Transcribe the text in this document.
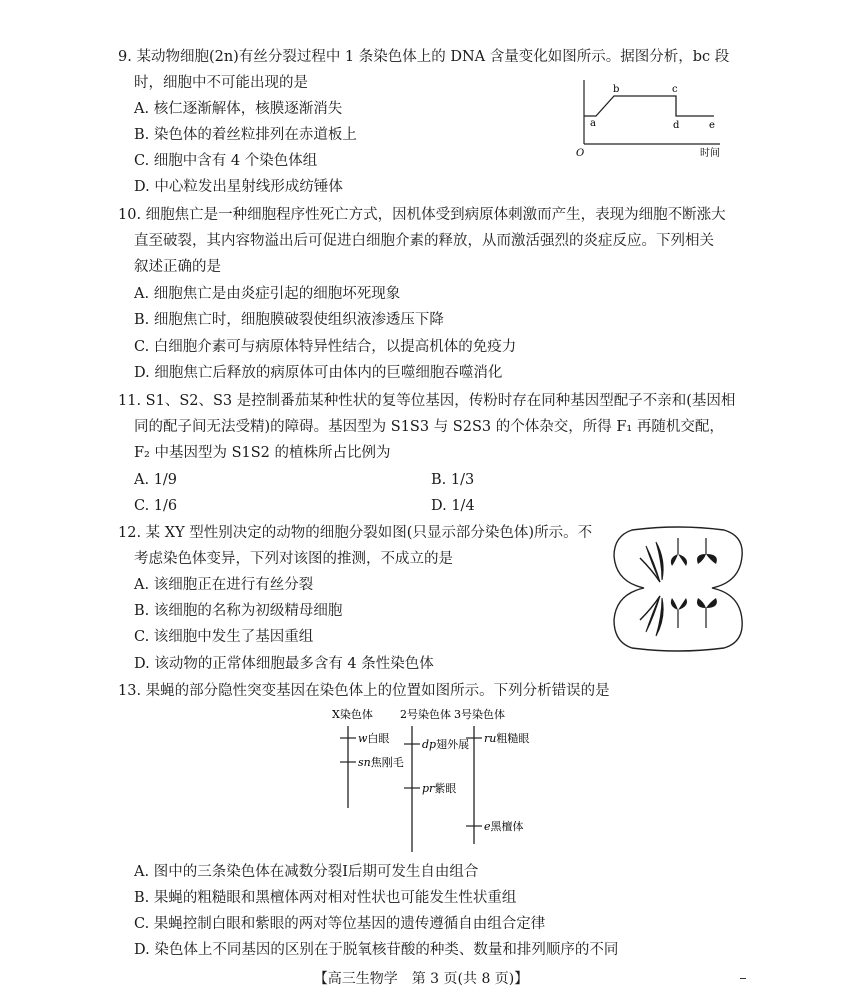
9. 某动物细胞(2n)有丝分裂过程中 1 条染色体上的 DNA 含量变化如图所示。据图分析，bc 段
时，细胞中不可能出现的是
A. 核仁逐渐解体，核膜逐渐消失
B. 染色体的着丝粒排列在赤道板上
C. 细胞中含有 4 个染色体组
D. 中心粒发出星射线形成纺锤体
a
b	c
d	e
O	时间
10. 细胞焦亡是一种细胞程序性死亡方式，因机体受到病原体刺激而产生，表现为细胞不断涨大
直至破裂，其内容物溢出后可促进白细胞介素的释放，从而激活强烈的炎症反应。下列相关
叙述正确的是
A. 细胞焦亡是由炎症引起的细胞坏死现象
B. 细胞焦亡时，细胞膜破裂使组织液渗透压下降
C. 白细胞介素可与病原体特异性结合，以提高机体的免疫力
D. 细胞焦亡后释放的病原体可由体内的巨噬细胞吞噬消化
11. S1、S2、S3 是控制番茄某种性状的复等位基因，传粉时存在同种基因型配子不亲和(基因相
同的配子间无法受精)的障碍。基因型为 S1S3 与 S2S3 的个体杂交，所得 F₁ 再随机交配，
F₂ 中基因型为 S1S2 的植株所占比例为
A. 1/9	B. 1/3
C. 1/6	D. 1/4
12. 某 XY 型性别决定的动物的细胞分裂如图(只显示部分染色体)所示。不
考虑染色体变异，下列对该图的推测，不成立的是
A. 该细胞正在进行有丝分裂
B. 该细胞的名称为初级精母细胞
C. 该细胞中发生了基因重组
D. 该动物的正常体细胞最多含有 4 条性染色体
13. 果蝇的部分隐性突变基因在染色体上的位置如图所示。下列分析错误的是
X染色体 2号染色体 3号染色体
w白眼
sn焦刚毛
dp翅外展
pr紫眼
ru粗糙眼
e黑檀体
A. 图中的三条染色体在减数分裂Ⅰ后期可发生自由组合
B. 果蝇的粗糙眼和黑檀体两对相对性状也可能发生性状重组
C. 果蝇控制白眼和紫眼的两对等位基因的遗传遵循自由组合定律
D. 染色体上不同基因的区别在于脱氧核苷酸的种类、数量和排列顺序的不同
【高三生物学　第 3 页(共 8 页)】
